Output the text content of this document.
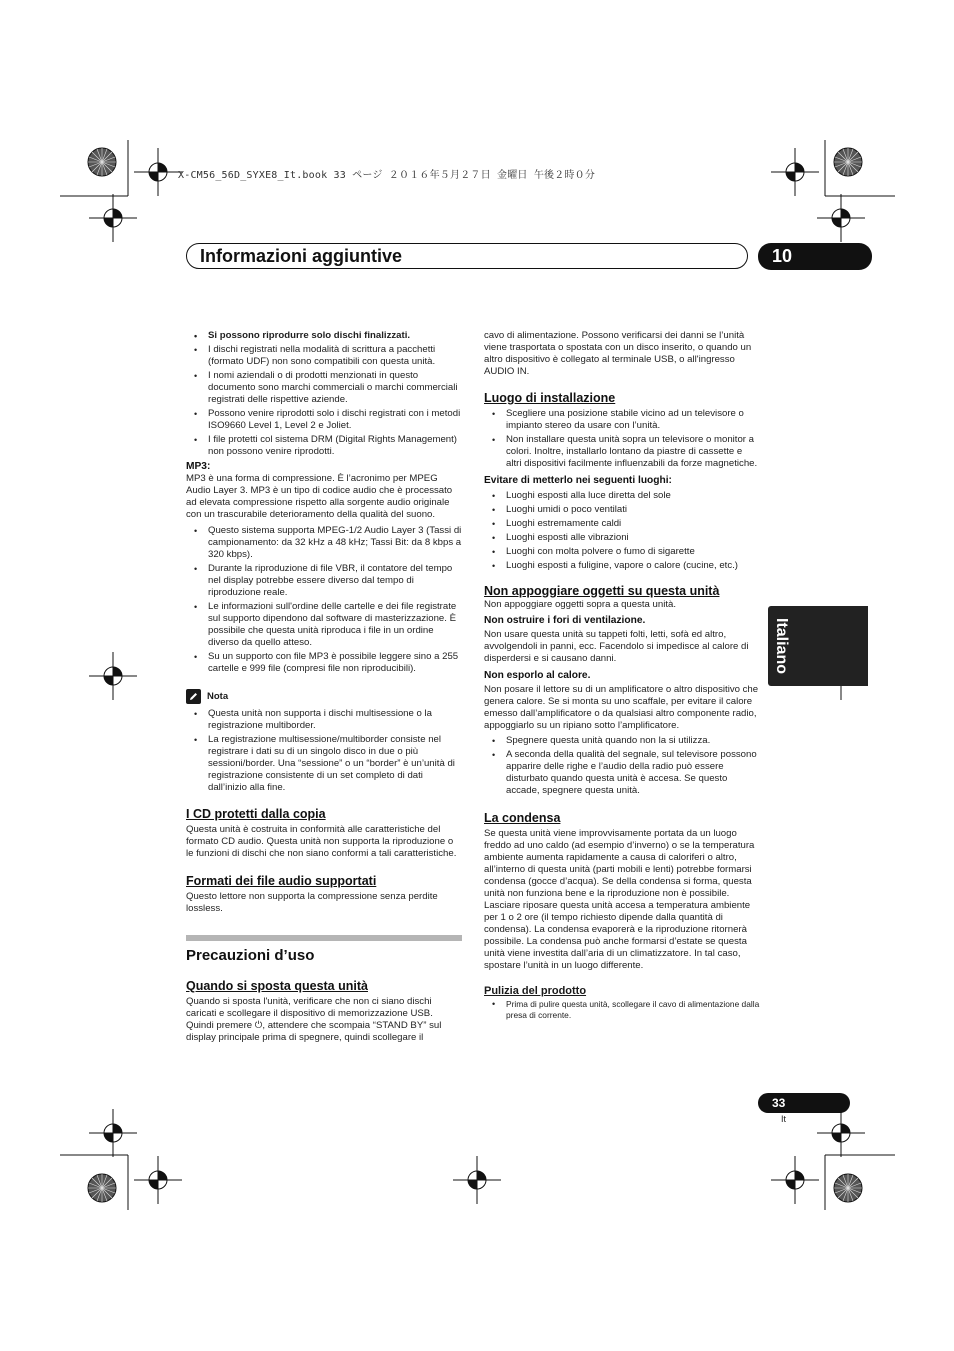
X-CM56_56D_SYXE8_It.book 33 ページ ２０１６年５月２７日 金曜日 午後２時０分
Informazioni aggiuntive	10
Italiano
• Si possono riprodurre solo dischi finalizzati.
• I dischi registrati nella modalità di scrittura a pacchetti (formato UDF) non sono compatibili con questa unità.
• I nomi aziendali o di prodotti menzionati in questo documento sono marchi commerciali o marchi commerciali registrati delle rispettive aziende.
• Possono venire riprodotti solo i dischi registrati con i metodi ISO9660 Level 1, Level 2 e Joliet.
• I file protetti col sistema DRM (Digital Rights Management) non possono venire riprodotti.
MP3:

MP3 è una forma di compressione. È l’acronimo per MPEG Audio Layer 3. MP3 è un tipo di codice audio che è processato ad elevata compressione rispetto alla sorgente audio originale con un trascurabile deterioramento della qualità del suono.

• Questo sistema supporta MPEG-1/2 Audio Layer 3 (Tassi di campionamento: da 32 kHz a 48 kHz; Tassi Bit: da 8 kbps a 320 kbps).
• Durante la riproduzione di file VBR, il contatore del tempo nel display potrebbe essere diverso dal tempo di riproduzione reale.
• Le informazioni sull'ordine delle cartelle e dei file registrate sul supporto dipendono dal software di masterizzazione. È possibile che questa unità riproduca i file in un ordine diverso da quello atteso.
• Su un supporto con file MP3 è possibile leggere sino a 255 cartelle e 999 file (compresi file non riproducibili).
Nota
• Questa unità non supporta i dischi multisessione o la registrazione multiborder.
• La registrazione multisessione/multiborder consiste nel registrare i dati su di un singolo disco in due o più sessioni/border. Una “sessione” o un “border” è un’unità di registrazione consistente di un set completo di dati dall’inizio alla fine.
I CD protetti dalla copia

Questa unità è costruita in conformità alle caratteristiche del formato CD audio. Questa unità non supporta la riproduzione o le funzioni di dischi che non siano conformi a tali caratteristiche.

Formati dei file audio supportati

Questo lettore non supporta la compressione senza perdite lossless.

Precauzioni d’uso
Quando si sposta questa unità

Quando si sposta l'unità, verificare che non ci siano dischi caricati e scollegare il dispositivo di memorizzazione USB. Quindi premere ⏻, attendere che scompaia “STAND BY” sul display principale prima di spegnere, quindi scollegare il

cavo di alimentazione. Possono verificarsi dei danni se l’unità viene trasportata o spostata con un disco inserito, o quando un altro dispositivo è collegato al terminale USB, o all'ingresso AUDIO IN.

Luogo di installazione
• Scegliere una posizione stabile vicino ad un televisore o impianto stereo da usare con l’unità.
• Non installare questa unità sopra un televisore o monitor a colori. Inoltre, installarlo lontano da piastre di cassette e altri dispositivi facilmente influenzabili da forze magnetiche.
Evitare di metterlo nei seguenti luoghi:
• Luoghi esposti alla luce diretta del sole
• Luoghi umidi o poco ventilati
• Luoghi estremamente caldi
• Luoghi esposti alle vibrazioni
• Luoghi con molta polvere o fumo di sigarette
• Luoghi esposti a fuligine, vapore o calore (cucine, etc.)
Non appoggiare oggetti su questa unità

Non appoggiare oggetti sopra a questa unità.

Non ostruire i fori di ventilazione.

Non usare questa unità su tappeti folti, letti, sofà ed altro, avvolgendoli in panni, ecc. Facendolo si impedisce al calore di disperdersi e si causano danni.

Non esporlo al calore.

Non posare il lettore su di un amplificatore o altro dispositivo che genera calore. Se si monta su uno scaffale, per evitare il calore emesso dall’amplificatore o da qualsiasi altro componente radio, appoggiarlo su un ripiano sotto l’amplificatore.

• Spegnere questa unità quando non la si utilizza.
• A seconda della qualità del segnale, sul televisore possono apparire delle righe e l’audio della radio può essere disturbato quando questa unità è accesa. Se questo accade, spegnere questa unità.
La condensa

Se questa unità viene improvvisamente portata da un luogo freddo ad uno caldo (ad esempio d’inverno) o se la temperatura ambiente aumenta rapidamente a causa di caloriferi o altro, all’interno di questa unità (parti mobili e lenti) potrebbe formarsi condensa (gocce d’acqua). Se della condensa si forma, questa unità non funziona bene e la riproduzione non è possibile. Lasciare riposare questa unità accesa a temperatura ambiente per 1 o 2 ore (il tempo richiesto dipende dalla quantità di condensa). La condensa evaporerà e la riproduzione ritornerà possibile. La condensa può anche formarsi d’estate se questa unità viene investita dall’aria di un climatizzatore. In tal caso, spostare l’unità in un luogo differente.

Pulizia del prodotto
• Prima di pulire questa unità, scollegare il cavo di alimentazione dalla presa di corrente.
33
It
